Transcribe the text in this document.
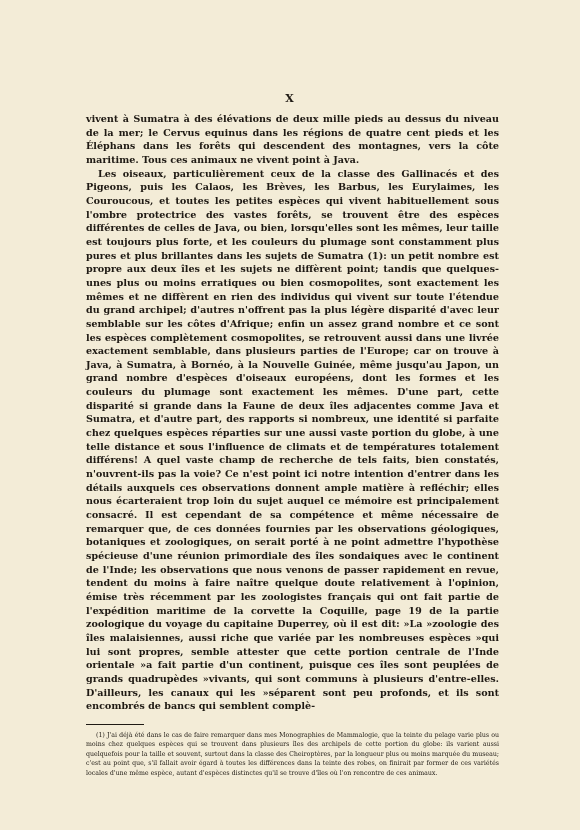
X

vivent à Sumatra à des élévations de deux mille pieds au dessus du niveau de la mer; le Cervus equinus dans les régions de quatre cent pieds et les Éléphans dans les forêts qui descendent des montagnes, vers la côte maritime. Tous ces animaux ne vivent point à Java.

Les oiseaux, particulièrement ceux de la classe des Gallinacés et des Pigeons, puis les Calaos, les Brèves, les Barbus, les Eurylaimes, les Couroucous, et toutes les petites espèces qui vivent habituellement sous l'ombre protectrice des vastes forêts, se trouvent être des espèces différentes de celles de Java, ou bien, lorsqu'elles sont les mêmes, leur taille est toujours plus forte, et les couleurs du plumage sont constamment plus pures et plus brillantes dans les sujets de Sumatra (1): un petit nombre est propre aux deux îles et les sujets ne diffèrent point; tandis que quelques-unes plus ou moins erratiques ou bien cosmopolites, sont exactement les mêmes et ne diffèrent en rien des individus qui vivent sur toute l'étendue du grand archipel; d'autres n'offrent pas la plus légère disparité d'avec leur semblable sur les côtes d'Afrique; enfin un assez grand nombre et ce sont les espèces complètement cosmopolites, se retrouvent aussi dans une livrée exactement semblable, dans plusieurs parties de l'Europe; car on trouve à Java, à Sumatra, à Bornéo, à la Nouvelle Guinée, même jusqu'au Japon, un grand nombre d'espèces d'oiseaux européens, dont les formes et les couleurs du plumage sont exactement les mêmes. D'une part, cette disparité si grande dans la Faune de deux îles adjacentes comme Java et Sumatra, et d'autre part, des rapports si nombreux, une identité si parfaite chez quelques espèces réparties sur une aussi vaste portion du globe, à une telle distance et sous l'influence de climats et de températures totalement différens! A quel vaste champ de recherche de tels faits, bien constatés, n'ouvrent-ils pas la voie? Ce n'est point ici notre intention d'entrer dans les détails auxquels ces observations donnent ample matière à refléchir; elles nous écarteraient trop loin du sujet auquel ce mémoire est principalement consacré. Il est cependant de sa compétence et même nécessaire de remarquer que, de ces données fournies par les observations géologiques, botaniques et zoologiques, on serait porté à ne point admettre l'hypothèse spécieuse d'une réunion primordiale des îles sondaiques avec le continent de l'Inde; les observations que nous venons de passer rapidement en revue, tendent du moins à faire naître quelque doute relativement à l'opinion, émise très récemment par les zoologistes français qui ont fait partie de l'expédition maritime de la corvette la Coquille, page 19 de la partie zoologique du voyage du capitaine Duperrey, où il est dit: »La »zoologie des îles malaisiennes, aussi riche que variée par les nombreuses espèces »qui lui sont propres, semble attester que cette portion centrale de l'Inde orientale »a fait partie d'un continent, puisque ces îles sont peuplées de grands quadrupèdes »vivants, qui sont communs à plusieurs d'entre-elles. D'ailleurs, les canaux qui les »séparent sont peu profonds, et ils sont encombrés de bancs qui semblent complè-

(1) J'ai déjà été dans le cas de faire remarquer dans mes Monographies de Mammalogie, que la teinte du pelage varie plus ou moins chez quelques espèces qui se trouvent dans plusieurs îles des archipels de cette portion du globe: ils varient aussi quelquefois pour la taille et souvent, surtout dans la classe des Cheiroptères, par la longueur plus ou moins marquée du museau; c'est au point que, s'il fallait avoir égard à toutes les différences dans la teinte des robes, on finirait par former de ces variétés locales d'une même espèce, autant d'espèces distinctes qu'il se trouve d'îles où l'on rencontre de ces animaux.
